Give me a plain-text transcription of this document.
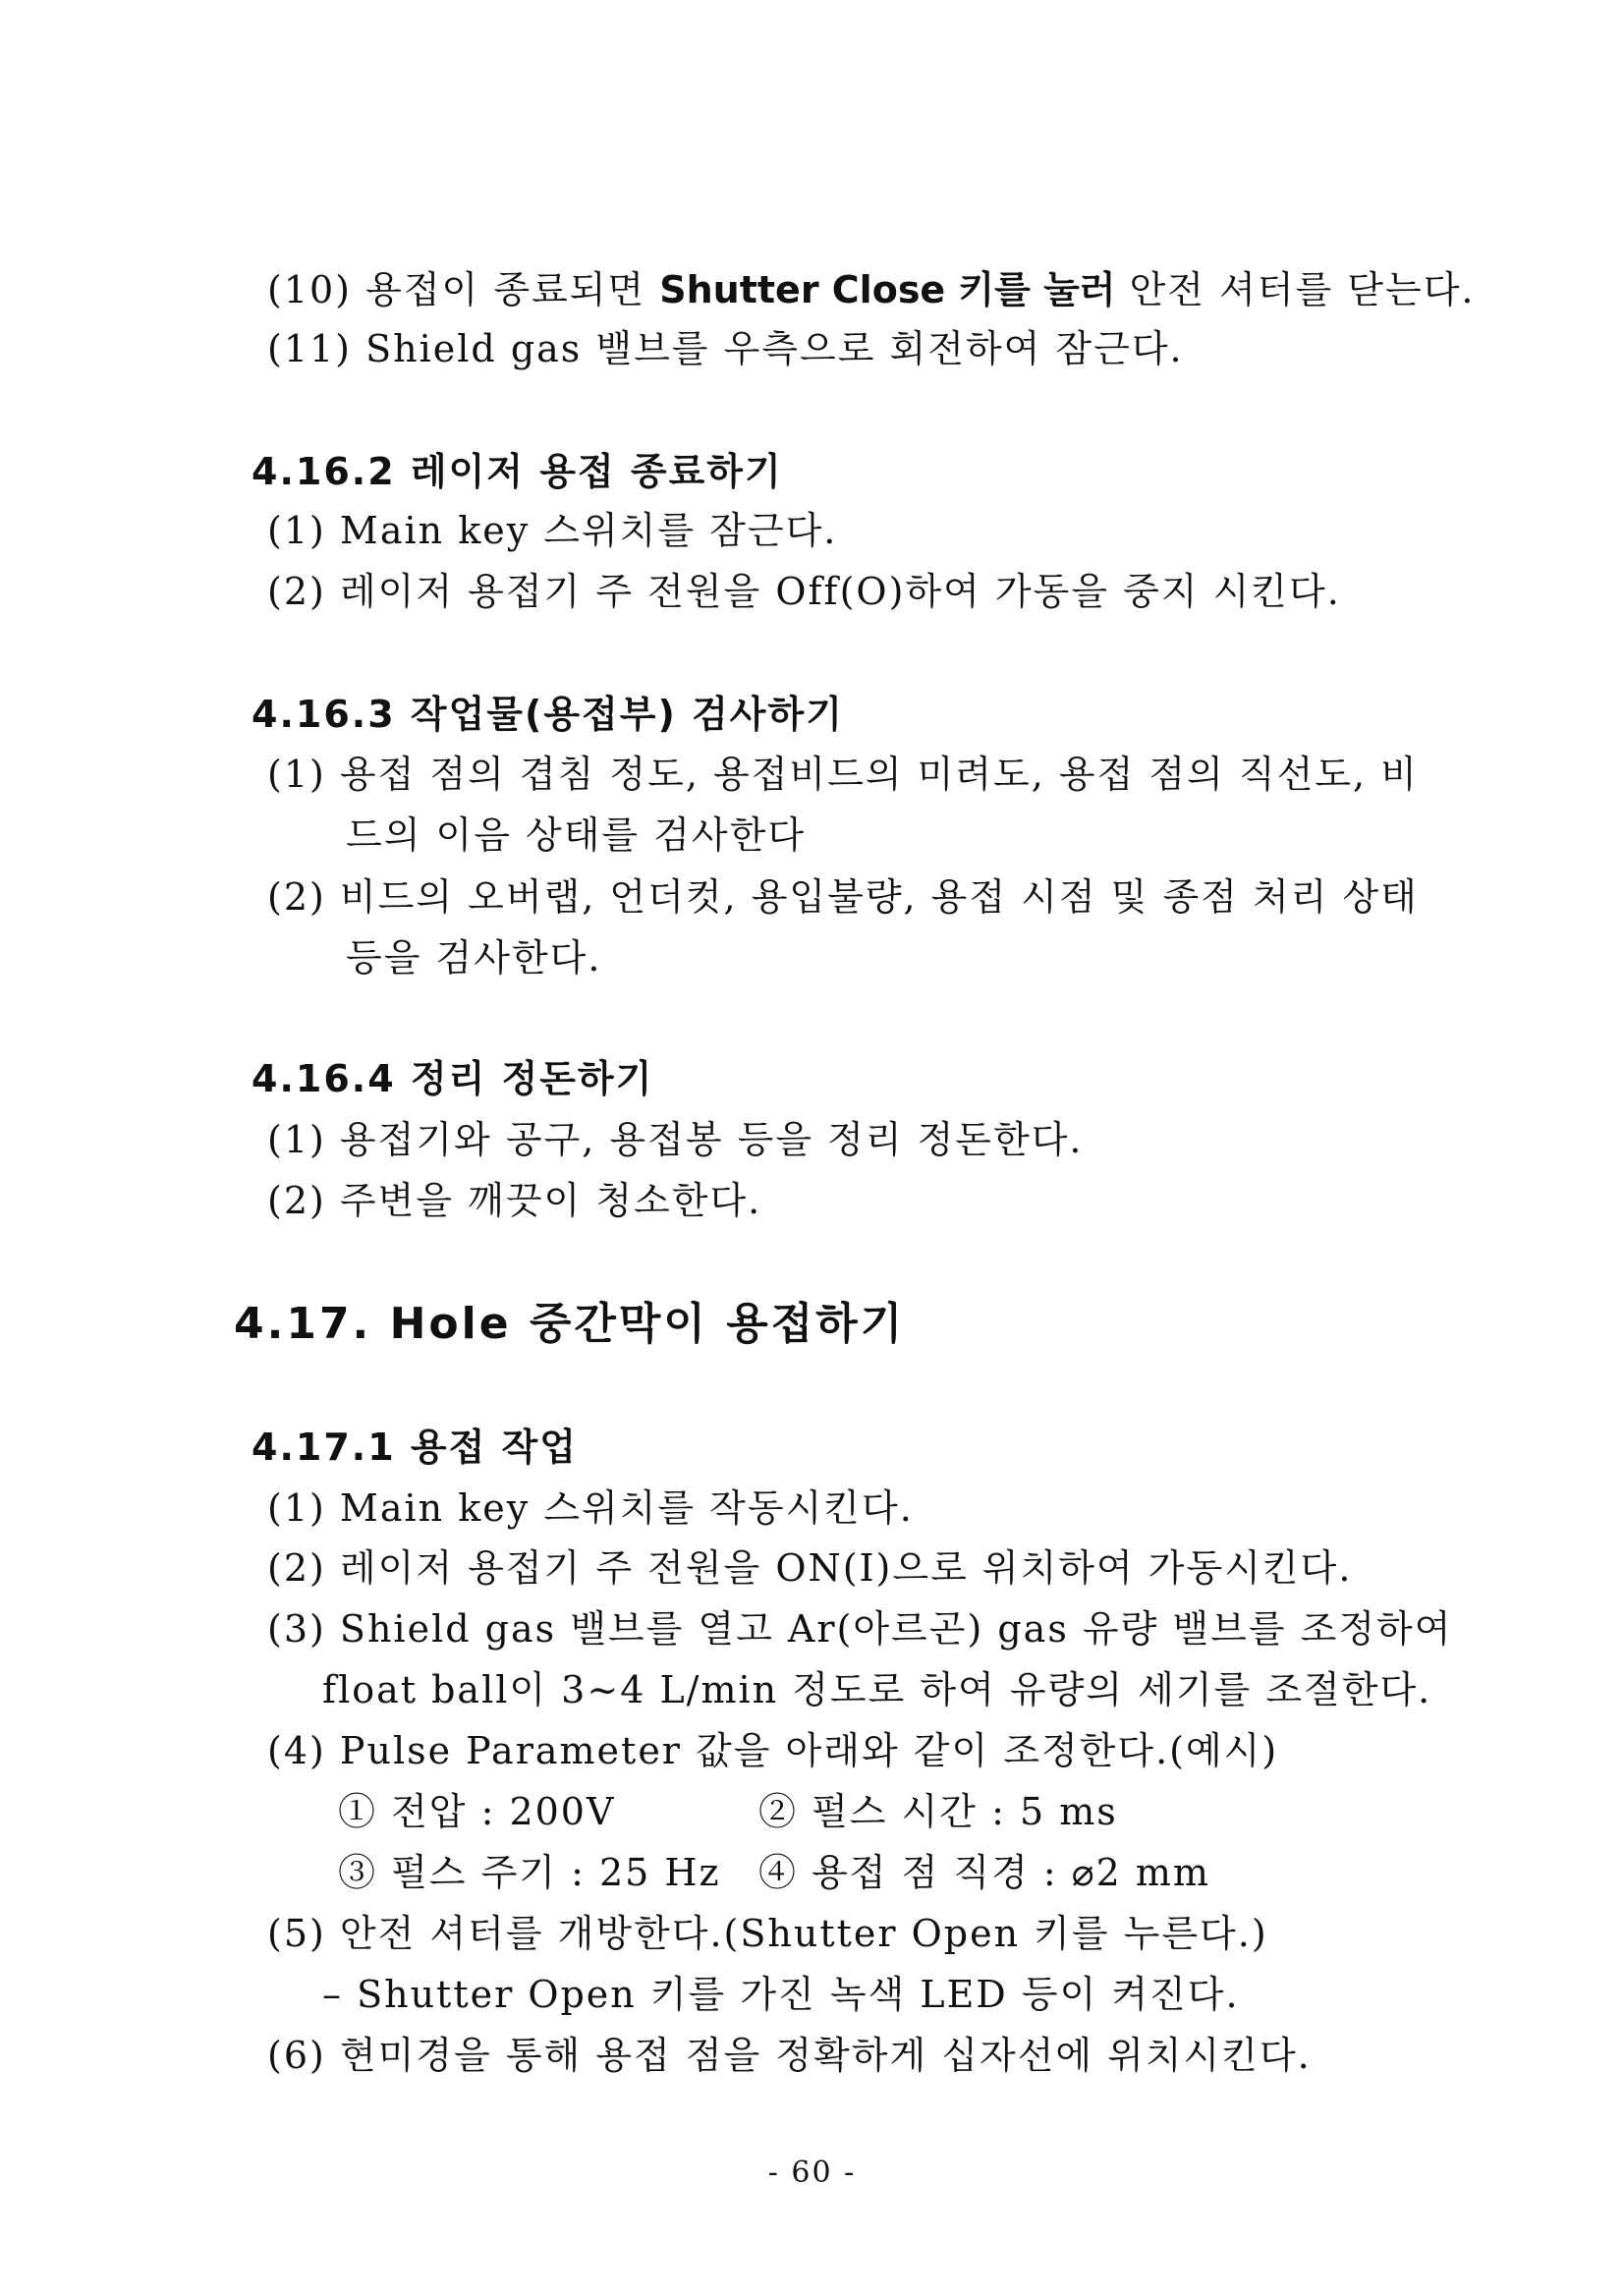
(10) 용접이 종료되면 Shutter Close 키를 눌러 안전 셔터를 닫는다.
(11) Shield gas 밸브를 우측으로 회전하여 잠근다.
4.16.2 레이저 용접 종료하기
(1) Main key 스위치를 잠근다.
(2) 레이저 용접기 주 전원을 Off(O)하여 가동을 중지 시킨다.
4.16.3 작업물(용접부) 검사하기
(1) 용접 점의 겹침 정도, 용접비드의 미려도, 용접 점의 직선도, 비
드의 이음 상태를 검사한다
(2) 비드의 오버랩, 언더컷, 용입불량, 용접 시점 및 종점 처리 상태
등을 검사한다.
4.16.4 정리 정돈하기
(1) 용접기와 공구, 용접봉 등을 정리 정돈한다.
(2) 주변을 깨끗이 청소한다.
4.17. Hole 중간막이 용접하기
4.17.1 용접 작업
(1) Main key 스위치를 작동시킨다.
(2) 레이저 용접기 주 전원을 ON(Ⅰ)으로 위치하여 가동시킨다.
(3) Shield gas 밸브를 열고 Ar(아르곤) gas 유량 밸브를 조정하여
float ball이 3~4 L/min 정도로 하여 유량의 세기를 조절한다.
(4) Pulse Parameter 값을 아래와 같이 조정한다.(예시)
① 전압 : 200V	② 펄스 시간 : 5 ms
③ 펄스 주기 : 25 Hz ④ 용접 점 직경 : ⌀2 mm
(5) 안전 셔터를 개방한다.(Shutter Open 키를 누른다.)
– Shutter Open 키를 가진 녹색 LED 등이 켜진다.
(6) 현미경을 통해 용접 점을 정확하게 십자선에 위치시킨다.
- 60 -
